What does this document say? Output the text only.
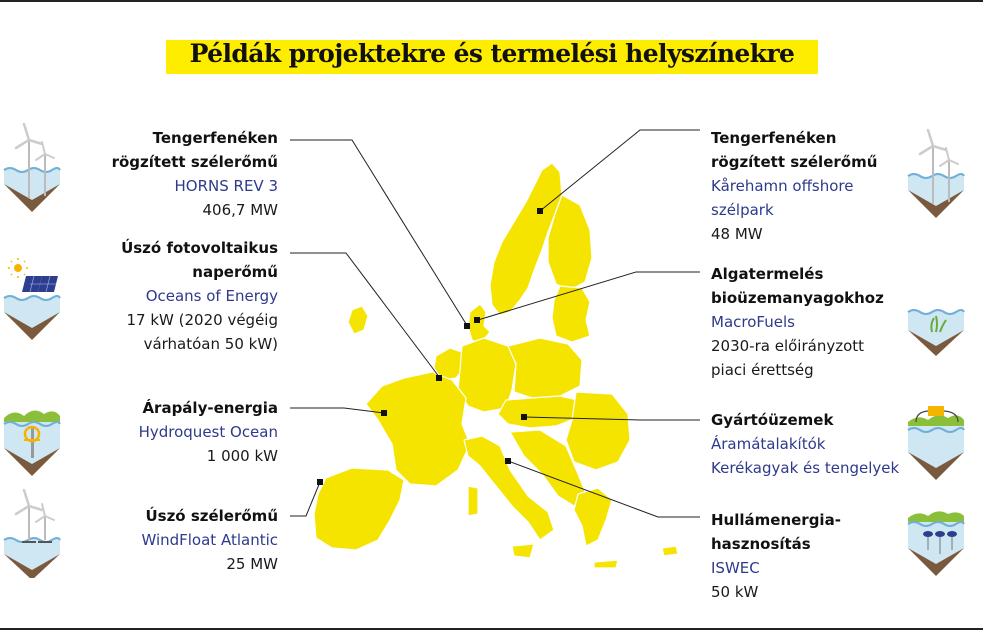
Példák projektekre és termelési helyszínekre
Tengerfenéken
rögzített szélerőmű
HORNS REV 3
406,7 MW
Úszó fotovoltaikus
naperőmű
Oceans of Energy
17 kW (2020 végéig
várhatóan 50 kW)
Árapály-energia
Hydroquest Ocean
1 000 kW
Úszó szélerőmű
WindFloat Atlantic
25 MW
Tengerfenéken
rögzített szélerőmű
Kårehamn offshore
szélpark
48 MW
Algatermelés
bioüzemanyagokhoz
MacroFuels
2030-ra előirányzott
piaci érettség
Gyártóüzemek
Áramátalakítók
Kerékagyak és tengelyek
Hullámenergia-
hasznosítás
ISWEC
50 kW
